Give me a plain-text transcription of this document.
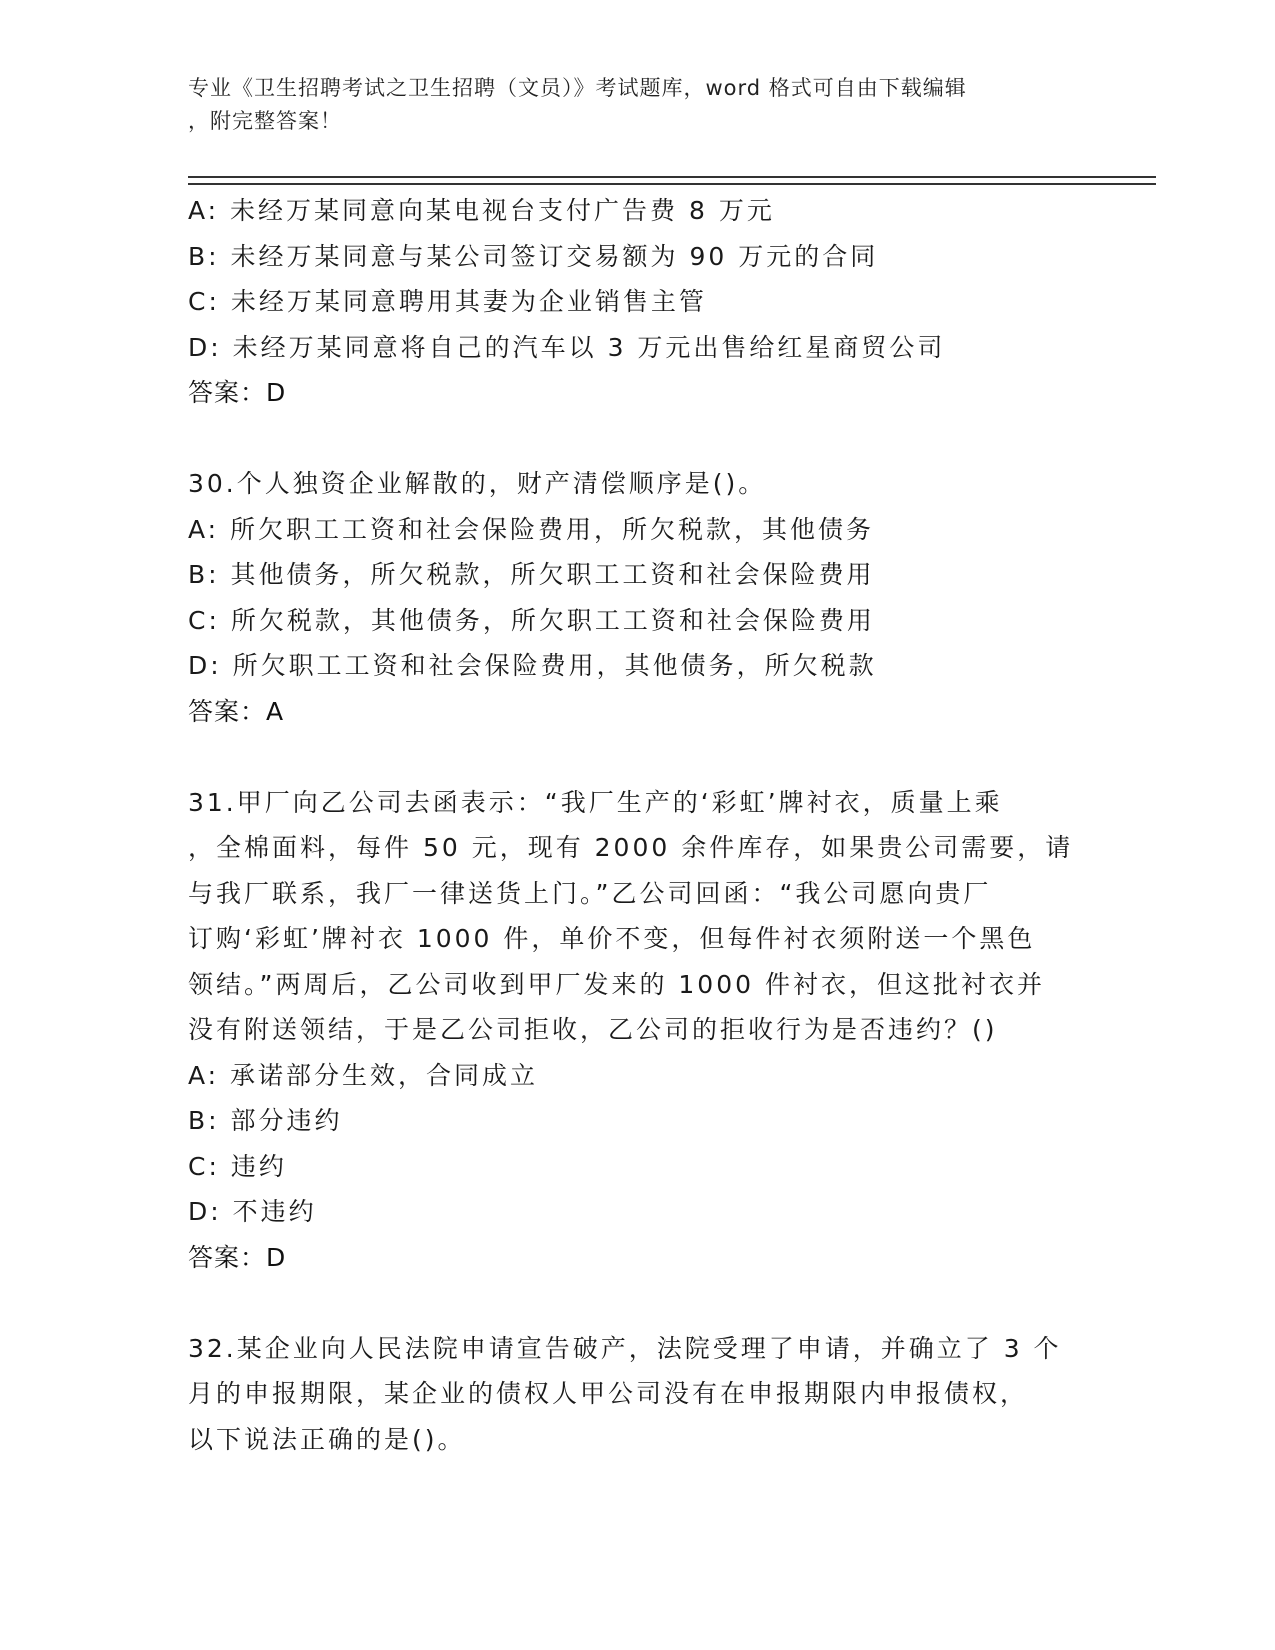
专业《卫生招聘考试之卫生招聘（文员）》考试题库，word 格式可自由下载编辑
，附完整答案！
A: 未经万某同意向某电视台支付广告费 8 万元
B: 未经万某同意与某公司签订交易额为 90 万元的合同
C: 未经万某同意聘用其妻为企业销售主管
D: 未经万某同意将自己的汽车以 3 万元出售给红星商贸公司
答案：D
30.个人独资企业解散的，财产清偿顺序是()。
A: 所欠职工工资和社会保险费用，所欠税款，其他债务
B: 其他债务，所欠税款，所欠职工工资和社会保险费用
C: 所欠税款，其他债务，所欠职工工资和社会保险费用
D: 所欠职工工资和社会保险费用，其他债务，所欠税款
答案：A
31.甲厂向乙公司去函表示：“我厂生产的‘彩虹’牌衬衣，质量上乘
，全棉面料，每件 50 元，现有 2000 余件库存，如果贵公司需要，请
与我厂联系，我厂一律送货上门。”乙公司回函：“我公司愿向贵厂
订购‘彩虹’牌衬衣 1000 件，单价不变，但每件衬衣须附送一个黑色
领结。”两周后，乙公司收到甲厂发来的 1000 件衬衣，但这批衬衣并
没有附送领结，于是乙公司拒收，乙公司的拒收行为是否违约？()
A: 承诺部分生效，合同成立
B: 部分违约
C: 违约
D: 不违约
答案：D
32.某企业向人民法院申请宣告破产，法院受理了申请，并确立了 3 个
月的申报期限，某企业的债权人甲公司没有在申报期限内申报债权，
以下说法正确的是()。
